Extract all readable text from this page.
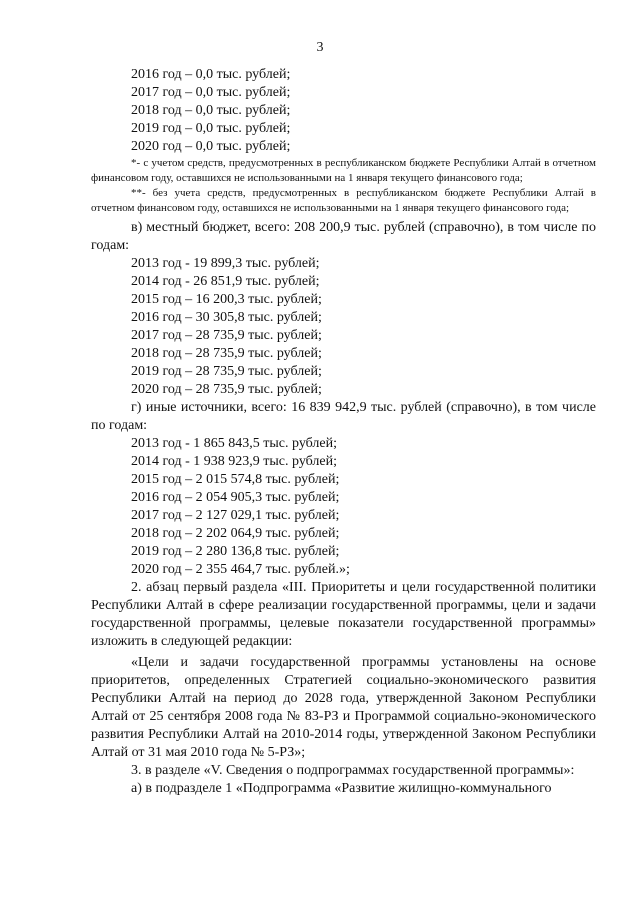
3
2016 год – 0,0 тыс. рублей;
2017 год – 0,0 тыс. рублей;
2018 год – 0,0 тыс. рублей;
2019 год – 0,0 тыс. рублей;
2020 год – 0,0 тыс. рублей;
*- с учетом средств, предусмотренных в республиканском бюджете Республики Алтай в отчетном финансовом году, оставшихся не использованными на 1 января текущего финансового года;
**- без учета средств, предусмотренных в республиканском бюджете Республики Алтай в отчетном финансовом году, оставшихся не использованными на 1 января текущего финансового года;
в) местный бюджет, всего: 208 200,9 тыс. рублей (справочно), в том числе по годам:
2013 год - 19 899,3 тыс. рублей;
2014 год - 26 851,9 тыс. рублей;
2015 год – 16 200,3 тыс. рублей;
2016 год – 30 305,8 тыс. рублей;
2017 год – 28 735,9 тыс. рублей;
2018 год – 28 735,9 тыс. рублей;
2019 год – 28 735,9 тыс. рублей;
2020 год – 28 735,9 тыс. рублей;
г) иные источники, всего: 16 839 942,9 тыс. рублей (справочно), в том числе по годам:
2013 год - 1 865 843,5 тыс. рублей;
2014 год - 1 938 923,9 тыс. рублей;
2015 год – 2 015 574,8 тыс. рублей;
2016 год – 2 054 905,3 тыс. рублей;
2017 год – 2 127 029,1 тыс. рублей;
2018 год – 2 202 064,9 тыс. рублей;
2019 год – 2 280 136,8 тыс. рублей;
2020 год – 2 355 464,7 тыс. рублей.»;
2. абзац первый раздела «III. Приоритеты и цели государственной политики Республики Алтай в сфере реализации государственной программы, цели и задачи государственной программы, целевые показатели государственной программы» изложить в следующей редакции:
«Цели и задачи государственной программы установлены на основе приоритетов, определенных Стратегией социально-экономического развития Республики Алтай на период до 2028 года, утвержденной Законом Республики Алтай от 25 сентября 2008 года № 83-РЗ и Программой социально-экономического развития Республики Алтай на 2010-2014 годы, утвержденной Законом Республики Алтай от 31 мая 2010 года № 5-РЗ»;
3. в разделе «V. Сведения о подпрограммах государственной программы»:
а) в подразделе 1 «Подпрограмма «Развитие жилищно-коммунального
